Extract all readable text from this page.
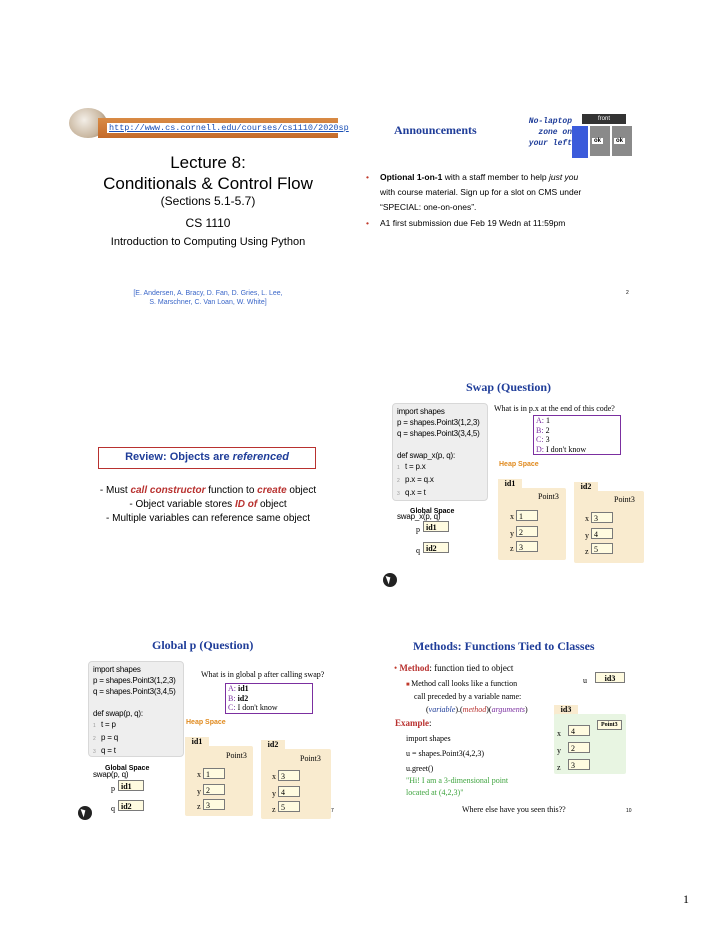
http://www.cs.cornell.edu/courses/cs1110/2020sp
Lecture 8:
Conditionals & Control Flow
(Sections 5.1-5.7)
CS 1110
Introduction to Computing Using Python
[E. Andersen, A. Bracy, D. Fan, D. Gries, L. Lee,
S. Marschner, C. Van Loan, W. White]
Announcements
No-laptop
zone on
your left
front
ok	ok
•	Optional 1-on-1 with a staff member to help just you
with course material. Sign up for a slot on CMS under
“SPECIAL: one-on-ones”.
•	A1 first submission due Feb 19 Wedn at 11:59pm
2
Review: Objects are referenced
- Must call constructor function to create object
- Object variable stores ID of object
- Multiple variables can reference same object
Swap (Question)
import shapes
p = shapes.Point3(1,2,3)
q = shapes.Point3(3,4,5)

def swap_x(p, q):
1 t = p.x
2 p.x = q.x
3 q.x = t

swap_x(p, q)
What is in p.x at the end of this code?
A: 1
B: 2
C: 3
D: I don't know
Heap Space
id1
Point3
x 1
y 2
z 3
id2
Point3
x 3
y 4
z 5
Global Space
p id1
q id2
Global p (Question)
import shapes
p = shapes.Point3(1,2,3)
q = shapes.Point3(3,4,5)

def swap(p, q):
1 t = p
2 p = q
3 q = t

swap(p, q)
What is in global p after calling swap?
A: id1
B: id2
C: I don't know
Heap Space
id1
Point3
x 1
y 2
z 3
id2
Point3
x 3
y 4
z 5
Global Space
p id1
q id2	7
Methods: Functions Tied to Classes
• Method: function tied to object
■ Method call looks like a function
call preceded by a variable name:
(variable).(method)(arguments)
u	id3
Example:
import shapes
u = shapes.Point3(4,2,3)
u.greet()
"Hi! I am a 3-dimensional point
located at (4,2,3)"
id3
Point3
x	4
y	2
z	3
Where else have you seen this??	10
1
